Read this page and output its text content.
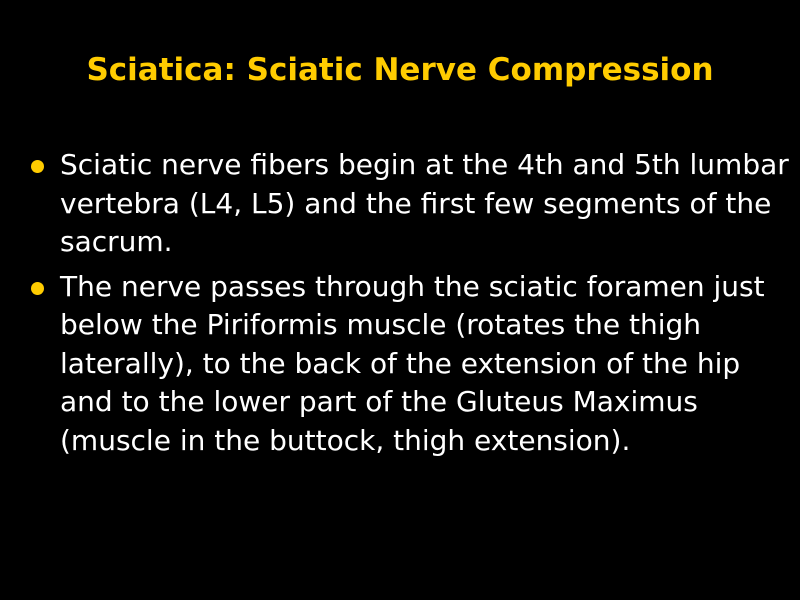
Sciatica: Sciatic Nerve Compression
Sciatic nerve fibers begin at the 4th and 5th lumbar vertebra (L4, L5) and the first few segments of the sacrum.
The nerve passes through the sciatic foramen just below the Piriformis muscle (rotates the thigh laterally), to the back of the extension of the hip and to the lower part of the Gluteus Maximus (muscle in the buttock, thigh extension).
